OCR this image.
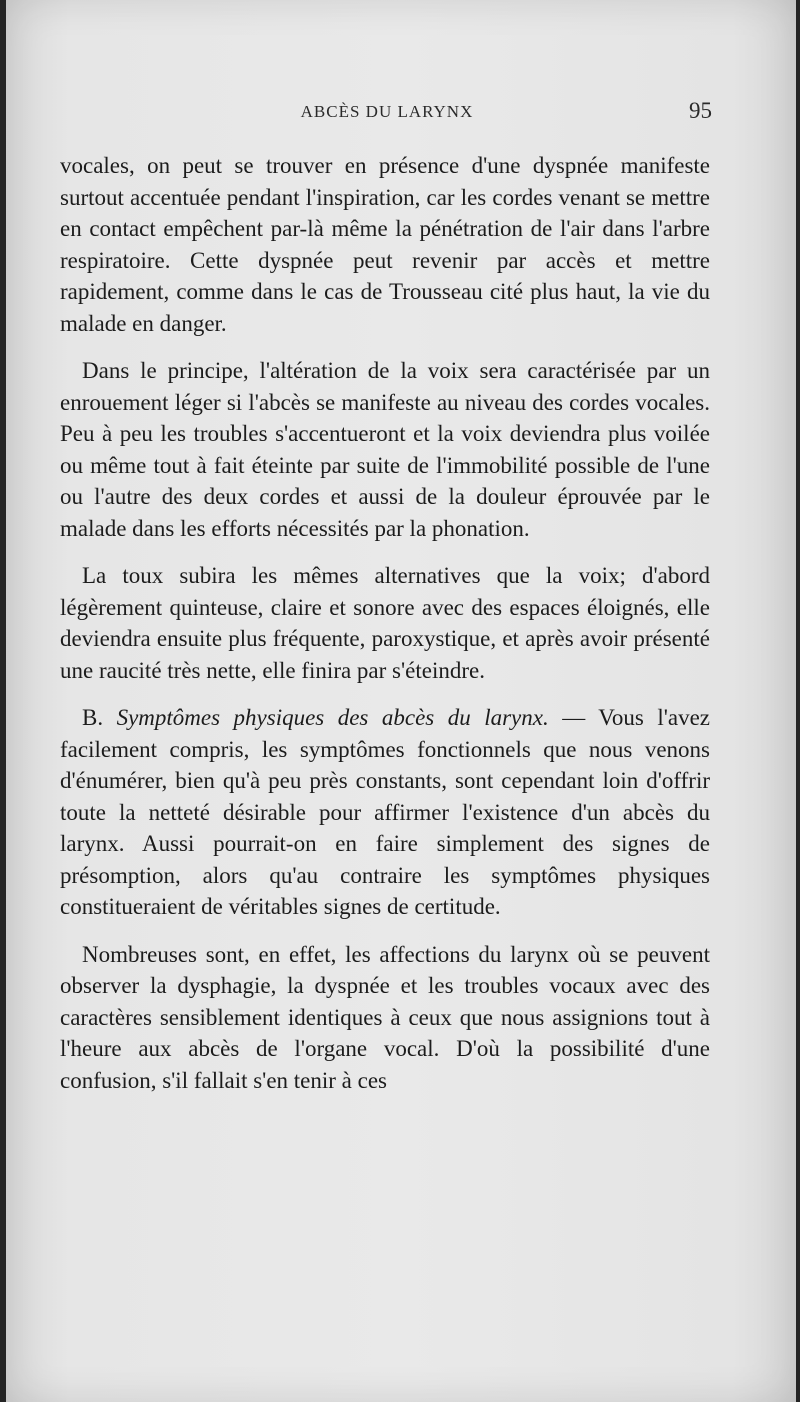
ABCÈS DU LARYNX	95

vocales, on peut se trouver en présence d'une dyspnée manifeste surtout accentuée pendant l'inspiration, car les cordes venant se mettre en contact empêchent par-là même la pénétration de l'air dans l'arbre respiratoire. Cette dyspnée peut revenir par accès et mettre rapidement, comme dans le cas de Trousseau cité plus haut, la vie du malade en danger.

Dans le principe, l'altération de la voix sera caractérisée par un enrouement léger si l'abcès se manifeste au niveau des cordes vocales. Peu à peu les troubles s'accentueront et la voix deviendra plus voilée ou même tout à fait éteinte par suite de l'immobilité possible de l'une ou l'autre des deux cordes et aussi de la douleur éprouvée par le malade dans les efforts nécessités par la phonation.

La toux subira les mêmes alternatives que la voix; d'abord légèrement quinteuse, claire et sonore avec des espaces éloignés, elle deviendra ensuite plus fréquente, paroxystique, et après avoir présenté une raucité très nette, elle finira par s'éteindre.

B. Symptômes physiques des abcès du larynx. — Vous l'avez facilement compris, les symptômes fonctionnels que nous venons d'énumérer, bien qu'à peu près constants, sont cependant loin d'offrir toute la netteté désirable pour affirmer l'existence d'un abcès du larynx. Aussi pourrait-on en faire simplement des signes de présomption, alors qu'au contraire les symptômes physiques constitueraient de véritables signes de certitude.

Nombreuses sont, en effet, les affections du larynx où se peuvent observer la dysphagie, la dyspnée et les troubles vocaux avec des caractères sensiblement identiques à ceux que nous assignions tout à l'heure aux abcès de l'organe vocal. D'où la possibilité d'une confusion, s'il fallait s'en tenir à ces
